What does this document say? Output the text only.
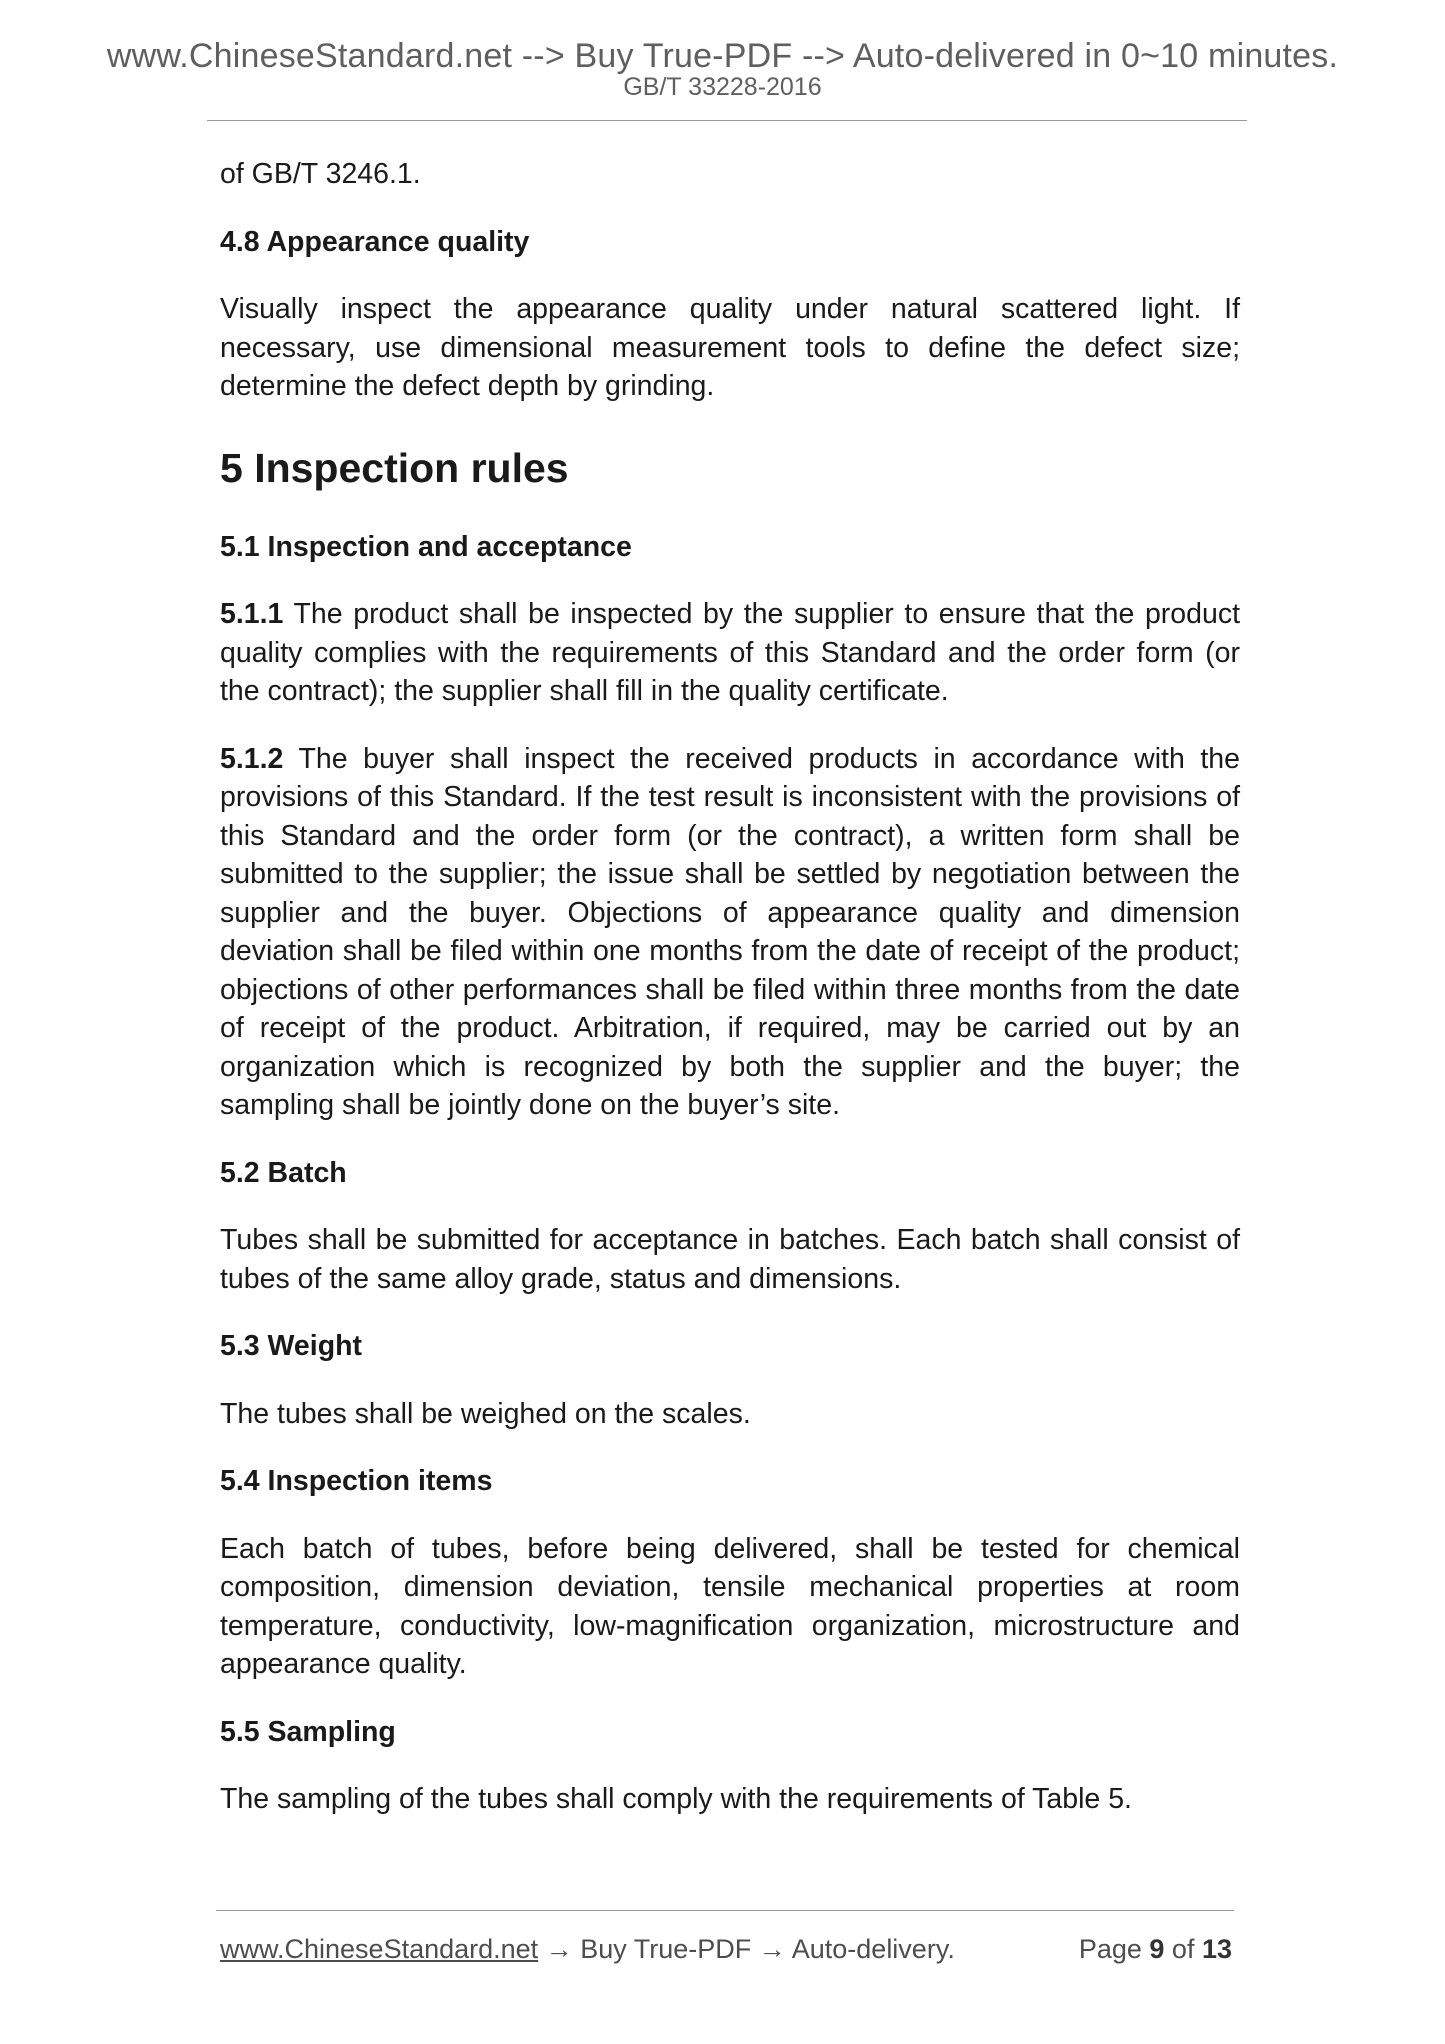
www.ChineseStandard.net --> Buy True-PDF --> Auto-delivered in 0~10 minutes.
GB/T 33228-2016
of GB/T 3246.1.
4.8 Appearance quality
Visually inspect the appearance quality under natural scattered light. If necessary, use dimensional measurement tools to define the defect size; determine the defect depth by grinding.
5 Inspection rules
5.1 Inspection and acceptance
5.1.1 The product shall be inspected by the supplier to ensure that the product quality complies with the requirements of this Standard and the order form (or the contract); the supplier shall fill in the quality certificate.
5.1.2 The buyer shall inspect the received products in accordance with the provisions of this Standard. If the test result is inconsistent with the provisions of this Standard and the order form (or the contract), a written form shall be submitted to the supplier; the issue shall be settled by negotiation between the supplier and the buyer. Objections of appearance quality and dimension deviation shall be filed within one months from the date of receipt of the product; objections of other performances shall be filed within three months from the date of receipt of the product. Arbitration, if required, may be carried out by an organization which is recognized by both the supplier and the buyer; the sampling shall be jointly done on the buyer’s site.
5.2 Batch
Tubes shall be submitted for acceptance in batches. Each batch shall consist of tubes of the same alloy grade, status and dimensions.
5.3 Weight
The tubes shall be weighed on the scales.
5.4 Inspection items
Each batch of tubes, before being delivered, shall be tested for chemical composition, dimension deviation, tensile mechanical properties at room temperature, conductivity, low-magnification organization, microstructure and appearance quality.
5.5 Sampling
The sampling of the tubes shall comply with the requirements of Table 5.
www.ChineseStandard.net → Buy True-PDF → Auto-delivery.	Page 9 of 13
